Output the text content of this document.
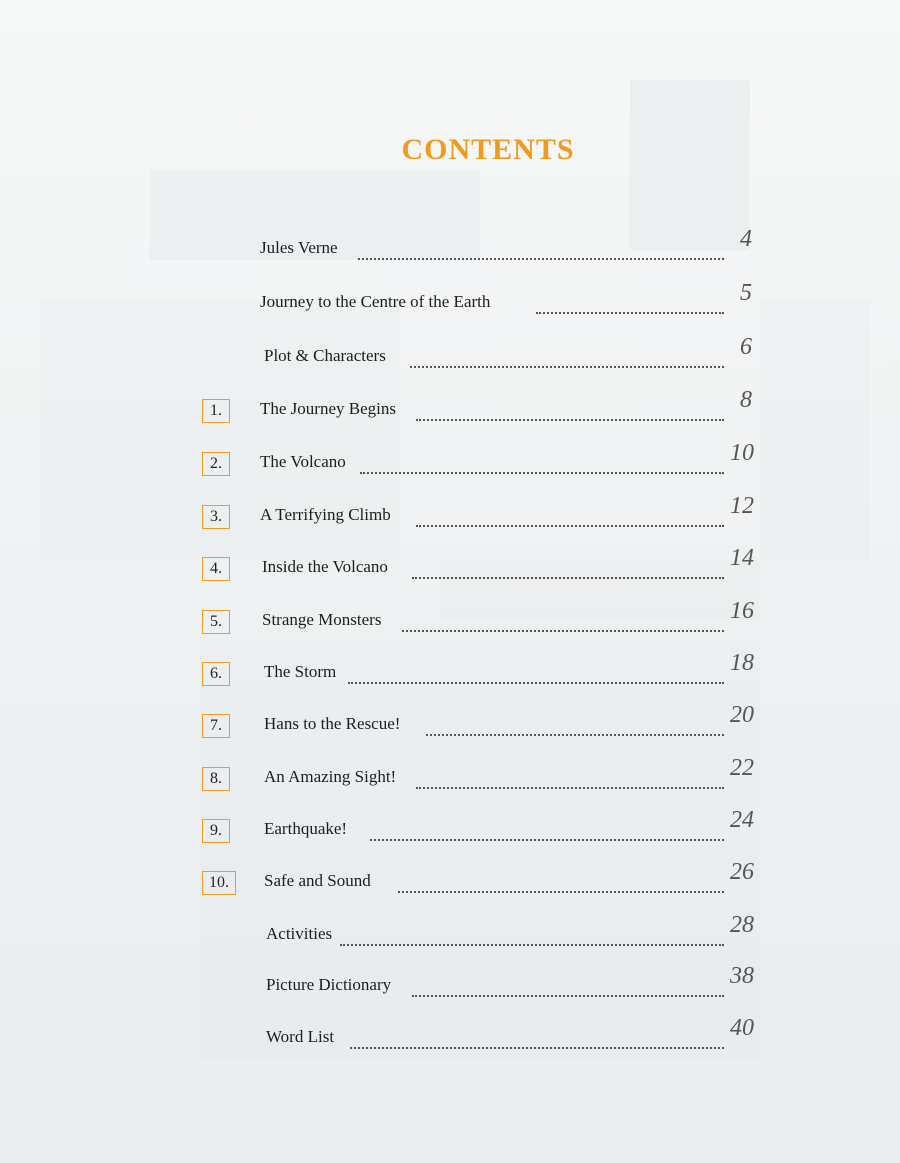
CONTENTS
Jules Verne	4
Journey to the Centre of the Earth	5
Plot & Characters	6
1.	The Journey Begins	8
2.	The Volcano	10
3.	A Terrifying Climb	12
4.	Inside the Volcano	14
5.	Strange Monsters	16
6.	The Storm	18
7.	Hans to the Rescue!	20
8.	An Amazing Sight!	22
9.	Earthquake!	24
10.	Safe and Sound	26
Activities	28
Picture Dictionary	38
Word List	40
